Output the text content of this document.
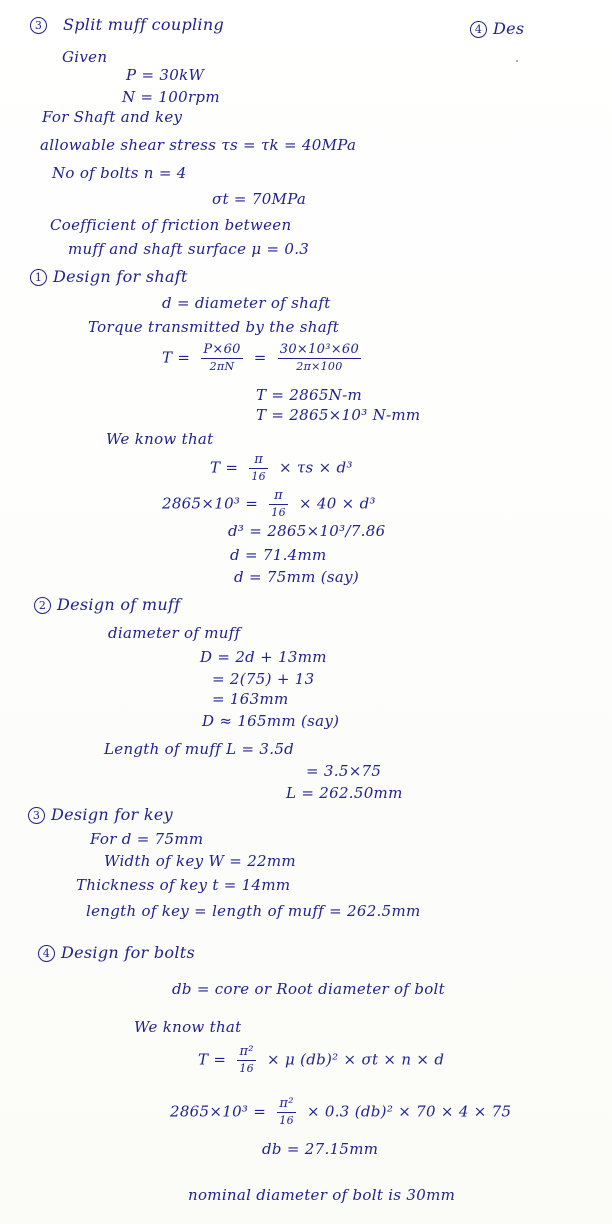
3 Split muff coupling	4 Des
Given
P = 30kW
N = 100rpm
For Shaft and key
allowable shear stress τs = τk = 40MPa
No of bolts n = 4
σt = 70MPa
Coefficient of friction between
muff and shaft surface μ = 0.3
1 Design for shaft
d = diameter of shaft
Torque transmitted by the shaft
$T = \frac{P\times 60}{2\pi N} = \frac{\text{30×10³×60}}{2\pi\times 100}$
T = 2865N-m
T = 2865×10³ N-mm
We know that
$T = \frac{\pi}{16} \times \tau s \times d^3$
$2865\times 10^3 = \frac{\pi}{16} \times 40 \times d^3$
d³ = 2865×10³/7.86
d = 71.4mm
d = 75mm (say)
2 Design of muff
diameter of muff
D = 2d + 13mm
= 2(75) + 13
= 163mm
D ≈ 165mm (say)
Length of muff L = 3.5d
= 3.5×75
L = 262.50mm
3 Design for key
For d = 75mm
Width of key W = 22mm
Thickness of key t = 14mm
length of key = length of muff = 262.5mm
4 Design for bolts
db = core or Root diameter of bolt
We know that
$T = \frac{\text{π²}}{16} \times \mu$ (db)² × σt × n × d
$2865\times 10^3 = \frac{\text{π²}}{16} \times 0.3$ (db)² × 70 × 4 × 75
db = 27.15mm
nominal diameter of bolt is 30mm
